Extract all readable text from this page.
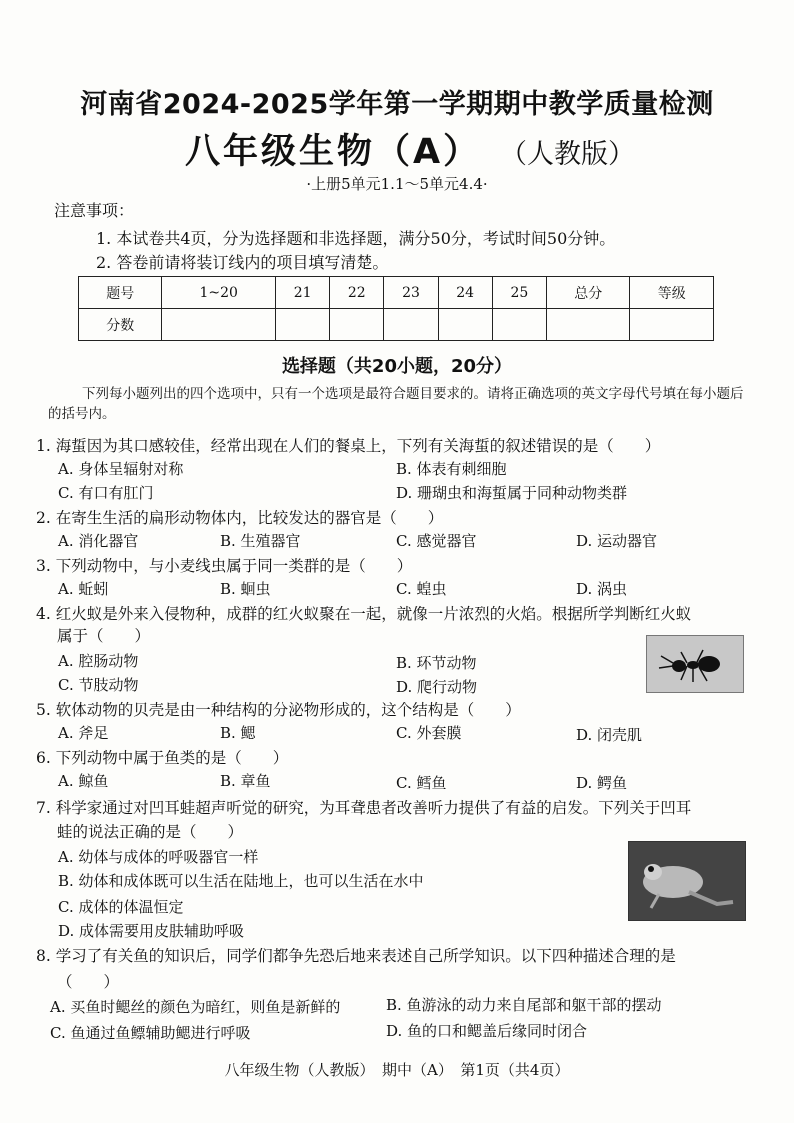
河南省2024-2025学年第一学期期中教学质量检测
八年级生物（A） （人教版）
·上册5单元1.1～5单元4.4·
注意事项：
1. 本试卷共4页，分为选择题和非选择题，满分50分，考试时间50分钟。
2. 答卷前请将装订线内的项目填写清楚。
题号	1~20	21	22	23	24	25	总分	等级
分数								
选择题（共20小题，20分）
下列每小题列出的四个选项中，只有一个选项是最符合题目要求的。请将正确选项的英文字母代号填在每小题后的括号内。
1. 海蜇因为其口感较佳，经常出现在人们的餐桌上，下列有关海蜇的叙述错误的是（　　）
A. 身体呈辐射对称	B. 体表有刺细胞
C. 有口有肛门	D. 珊瑚虫和海蜇属于同种动物类群
2. 在寄生生活的扁形动物体内，比较发达的器官是（　　）
A. 消化器官	B. 生殖器官	C. 感觉器官	D. 运动器官
3. 下列动物中，与小麦线虫属于同一类群的是（　　）
A. 蚯蚓	B. 蛔虫	C. 蝗虫	D. 涡虫
4. 红火蚁是外来入侵物种，成群的红火蚁聚在一起，就像一片浓烈的火焰。根据所学判断红火蚁
属于（　　）
A. 腔肠动物	B. 环节动物
C. 节肢动物	D. 爬行动物
5. 软体动物的贝壳是由一种结构的分泌物形成的，这个结构是（　　）
A. 斧足	B. 鳃	C. 外套膜	D. 闭壳肌
6. 下列动物中属于鱼类的是（　　）
A. 鲸鱼	B. 章鱼	C. 鳕鱼	D. 鳄鱼
7. 科学家通过对凹耳蛙超声听觉的研究，为耳聋患者改善听力提供了有益的启发。下列关于凹耳
蛙的说法正确的是（　　）
A. 幼体与成体的呼吸器官一样
B. 幼体和成体既可以生活在陆地上，也可以生活在水中
C. 成体的体温恒定
D. 成体需要用皮肤辅助呼吸
8. 学习了有关鱼的知识后，同学们都争先恐后地来表述自己所学知识。以下四种描述合理的是
（　　）
A. 买鱼时鳃丝的颜色为暗红，则鱼是新鲜的	B. 鱼游泳的动力来自尾部和躯干部的摆动
C. 鱼通过鱼鳔辅助鳃进行呼吸	D. 鱼的口和鳃盖后缘同时闭合
八年级生物（人教版）　期中（A）　第1页（共4页）
